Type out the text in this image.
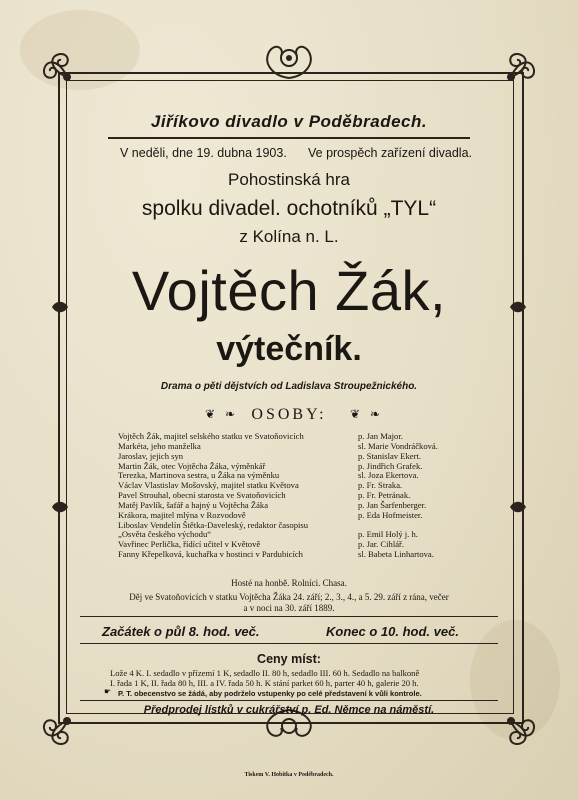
Jiříkovo divadlo v Poděbradech.
V neděli, dne 19. dubna 1903. Ve prospěch zařízení divadla.
Pohostinská hra
spolku divadel. ochotníků „TYL“
z Kolína n. L.
Vojtěch Žák,
výtečník.
Drama o pěti dějstvích od Ladislava Stroupežnického.
❦ ❧	OSOBY:	❦ ❧
Vojtěch Žák, majitel selského statku ve Svatoňovicích	p. Jan Major.
Markéta, jeho manželka	sl. Marie Vondráčková.
Jaroslav, jejich syn	p. Stanislav Ekert.
Martin Žák, otec Vojtěcha Žáka, výměnkář	p. Jindřich Grafek.
Terezka, Martinova sestra, u Žáka na výměnku	sl. Joza Ekertova.
Václav Vlastislav Mošovský, majitel statku Květova	p. Fr. Straka.
Pavel Strouhal, obecní starosta ve Svatoňovicích	p. Fr. Petrának.
Matěj Pavlík, šafář a hajný u Vojtěcha Žáka	p. Jan Šarfenberger.
Krákora, majitel mlýna v Rozvodově	p. Eda Hofmeister.
Liboslav Vendelín Štětka-Daveleský, redaktor časopisu
„Osvěta českého východu“	p. Emil Holý j. h.
Vavřinec Perlička, řídící učitel v Květově	p. Jar. Cihlář.
Fanny Křepelková, kuchařka v hostinci v Pardubicích	sl. Babeta Linhartova.
Hosté na honbě. Rolníci. Chasa.
Děj ve Svatoňovicích v statku Vojtěcha Žáka 24. září; 2., 3., 4., a 5. 29. září z rána, večer
a v noci na 30. září 1889.
Začátek o půl 8. hod. več.	Konec o 10. hod. več.
Ceny míst:
Lože 4 K. I. sedadlo v přízemí 1 K, sedadlo II. 80 h, sedadlo III. 60 h. Sedadlo na balkoně
I. řada 1 K, II. řada 80 h, III. a IV. řada 50 h. K stání parket 60 h, parter 40 h, galerie 20 h.
☛ P. T. obecenstvo se žádá, aby podrželo vstupenky po celé představení k vůli kontrole.
Předprodej lístků v cukrářství p. Ed. Němce na náměstí.
Tiskem V. Hobitka v Poděbradech.
